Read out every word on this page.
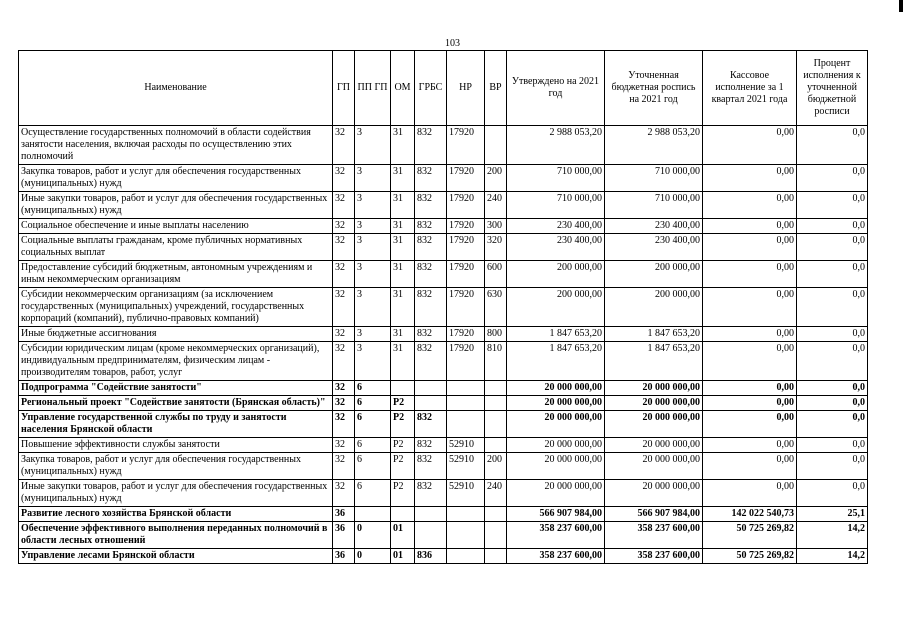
103
Наименование	ГП	ПП ГП	ОМ	ГРБС	НР	ВР	Утверждено на 2021 год	Уточненная бюджетная роспись на 2021 год	Кассовое исполнение за 1 квартал 2021 года	Процент исполнения к уточненной бюджетной росписи
Осуществление государственных полномочий в области содействия занятости населения, включая расходы по осуществлению этих полномочий	32	3	31	832	17920		2 988 053,20	2 988 053,20	0,00	0,0
Закупка товаров, работ и услуг для обеспечения государственных (муниципальных) нужд	32	3	31	832	17920	200	710 000,00	710 000,00	0,00	0,0
Иные закупки товаров, работ и услуг для обеспечения государственных (муниципальных) нужд	32	3	31	832	17920	240	710 000,00	710 000,00	0,00	0,0
Социальное обеспечение и иные выплаты населению	32	3	31	832	17920	300	230 400,00	230 400,00	0,00	0,0
Социальные выплаты гражданам, кроме публичных нормативных социальных выплат	32	3	31	832	17920	320	230 400,00	230 400,00	0,00	0,0
Предоставление субсидий бюджетным, автономным учреждениям и иным некоммерческим организациям	32	3	31	832	17920	600	200 000,00	200 000,00	0,00	0,0
Субсидии некоммерческим организациям (за исключением государственных (муниципальных) учреждений, государственных корпораций (компаний), публично-правовых компаний)	32	3	31	832	17920	630	200 000,00	200 000,00	0,00	0,0
Иные бюджетные ассигнования	32	3	31	832	17920	800	1 847 653,20	1 847 653,20	0,00	0,0
Субсидии юридическим лицам (кроме некоммерческих организаций), индивидуальным предпринимателям, физическим лицам - производителям товаров, работ, услуг	32	3	31	832	17920	810	1 847 653,20	1 847 653,20	0,00	0,0
Подпрограмма "Содействие занятости"	32	6					20 000 000,00	20 000 000,00	0,00	0,0
Региональный проект "Содействие занятости (Брянская область)"	32	6	Р2				20 000 000,00	20 000 000,00	0,00	0,0
Управление государственной службы по труду и занятости населения Брянской области	32	6	Р2	832			20 000 000,00	20 000 000,00	0,00	0,0
Повышение эффективности службы занятости	32	6	Р2	832	52910		20 000 000,00	20 000 000,00	0,00	0,0
Закупка товаров, работ и услуг для обеспечения государственных (муниципальных) нужд	32	6	Р2	832	52910	200	20 000 000,00	20 000 000,00	0,00	0,0
Иные закупки товаров, работ и услуг для обеспечения государственных (муниципальных) нужд	32	6	Р2	832	52910	240	20 000 000,00	20 000 000,00	0,00	0,0
Развитие лесного хозяйства Брянской области	36						566 907 984,00	566 907 984,00	142 022 540,73	25,1
Обеспечение эффективного выполнения переданных полномочий в области лесных отношений	36	0	01				358 237 600,00	358 237 600,00	50 725 269,82	14,2
Управление лесами Брянской области	36	0	01	836			358 237 600,00	358 237 600,00	50 725 269,82	14,2
